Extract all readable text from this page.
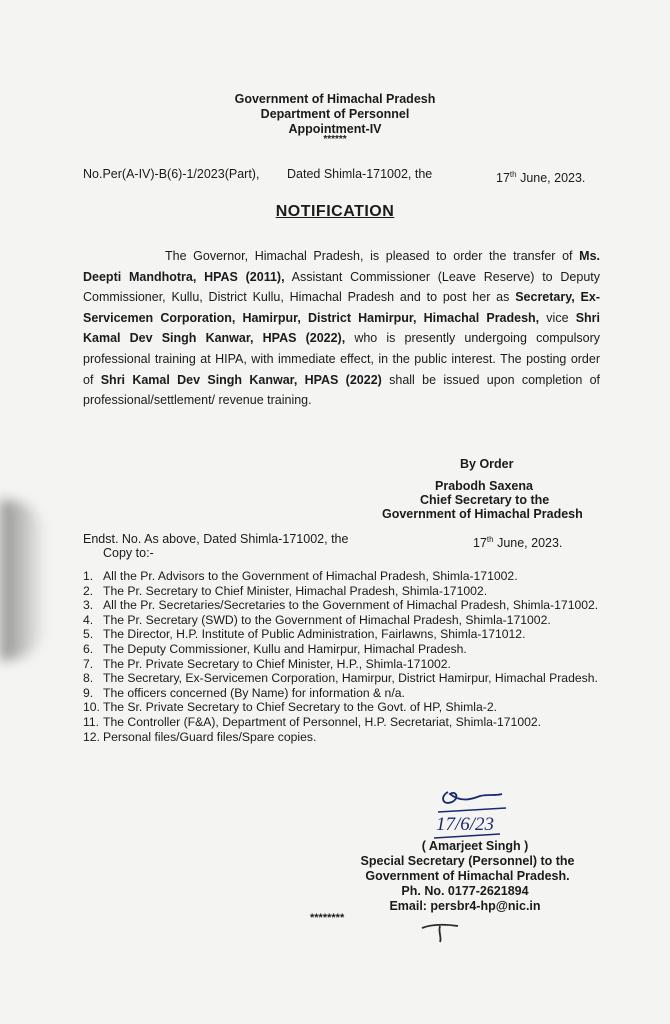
Government of Himachal Pradesh
Department of Personnel
Appointment-IV
******
No.Per(A-IV)-B(6)-1/2023(Part), Dated Shimla-171002, the	17th June, 2023.
NOTIFICATION
The Governor, Himachal Pradesh, is pleased to order the transfer of Ms. Deepti Mandhotra, HPAS (2011), Assistant Commissioner (Leave Reserve) to Deputy Commissioner, Kullu, District Kullu, Himachal Pradesh and to post her as Secretary, Ex-Servicemen Corporation, Hamirpur, District Hamirpur, Himachal Pradesh, vice Shri Kamal Dev Singh Kanwar, HPAS (2022), who is presently undergoing compulsory professional training at HIPA, with immediate effect, in the public interest. The posting order of Shri Kamal Dev Singh Kanwar, HPAS (2022) shall be issued upon completion of professional/settlement/ revenue training.
By Order
Prabodh Saxena
Chief Secretary to the
Government of Himachal Pradesh
Endst. No. As above, Dated Shimla-171002, the	17th June, 2023.
Copy to:-
1. All the Pr. Advisors to the Government of Himachal Pradesh, Shimla-171002.
2. The Pr. Secretary to Chief Minister, Himachal Pradesh, Shimla-171002.
3. All the Pr. Secretaries/Secretaries to the Government of Himachal Pradesh, Shimla-171002.
4. The Pr. Secretary (SWD) to the Government of Himachal Pradesh, Shimla-171002.
5. The Director, H.P. Institute of Public Administration, Fairlawns, Shimla-171012.
6. The Deputy Commissioner, Kullu and Hamirpur, Himachal Pradesh.
7. The Pr. Private Secretary to Chief Minister, H.P., Shimla-171002.
8. The Secretary, Ex-Servicemen Corporation, Hamirpur, District Hamirpur, Himachal Pradesh.
9. The officers concerned (By Name) for information & n/a.
10. The Sr. Private Secretary to Chief Secretary to the Govt. of HP, Shimla-2.
11. The Controller (F&A), Department of Personnel, H.P. Secretariat, Shimla-171002.
12. Personal files/Guard files/Spare copies.
17/6/23
( Amarjeet Singh )
Special Secretary (Personnel) to the
Government of Himachal Pradesh.
Ph. No. 0177-2621894
Email: persbr4-hp@nic.in
********
